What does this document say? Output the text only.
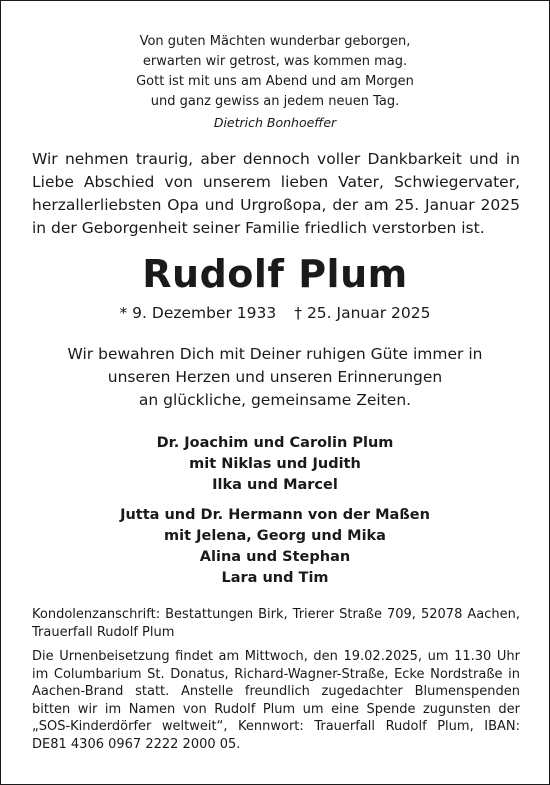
Von guten Mächten wunderbar geborgen,
erwarten wir getrost, was kommen mag.
Gott ist mit uns am Abend und am Morgen
und ganz gewiss an jedem neuen Tag.
Dietrich Bonhoeffer
Wir nehmen traurig, aber dennoch voller Dankbarkeit und in Liebe Abschied von unserem lieben Vater, Schwiegervater, herzallerliebsten Opa und Urgroßopa, der am 25. Januar 2025 in der Geborgenheit seiner Familie friedlich verstorben ist.
Rudolf Plum
* 9. Dezember 1933 † 25. Januar 2025
Wir bewahren Dich mit Deiner ruhigen Güte immer in
unseren Herzen und unseren Erinnerungen
an glückliche, gemeinsame Zeiten.
Dr. Joachim und Carolin Plum
mit Niklas und Judith
Ilka und Marcel
Jutta und Dr. Hermann von der Maßen
mit Jelena, Georg und Mika
Alina und Stephan
Lara und Tim
Kondolenzanschrift: Bestattungen Birk, Trierer Straße 709, 52078 Aachen, Trauerfall Rudolf Plum
Die Urnenbeisetzung findet am Mittwoch, den 19.02.2025, um 11.30 Uhr im Columbarium St. Donatus, Richard-Wagner-Straße, Ecke Nordstraße in Aachen-Brand statt. Anstelle freundlich zugedachter Blumenspenden bitten wir im Namen von Rudolf Plum um eine Spende zugunsten der „SOS-Kinderdörfer weltweit“, Kennwort: Trauerfall Rudolf Plum, IBAN: DE81 4306 0967 2222 2000 05.
